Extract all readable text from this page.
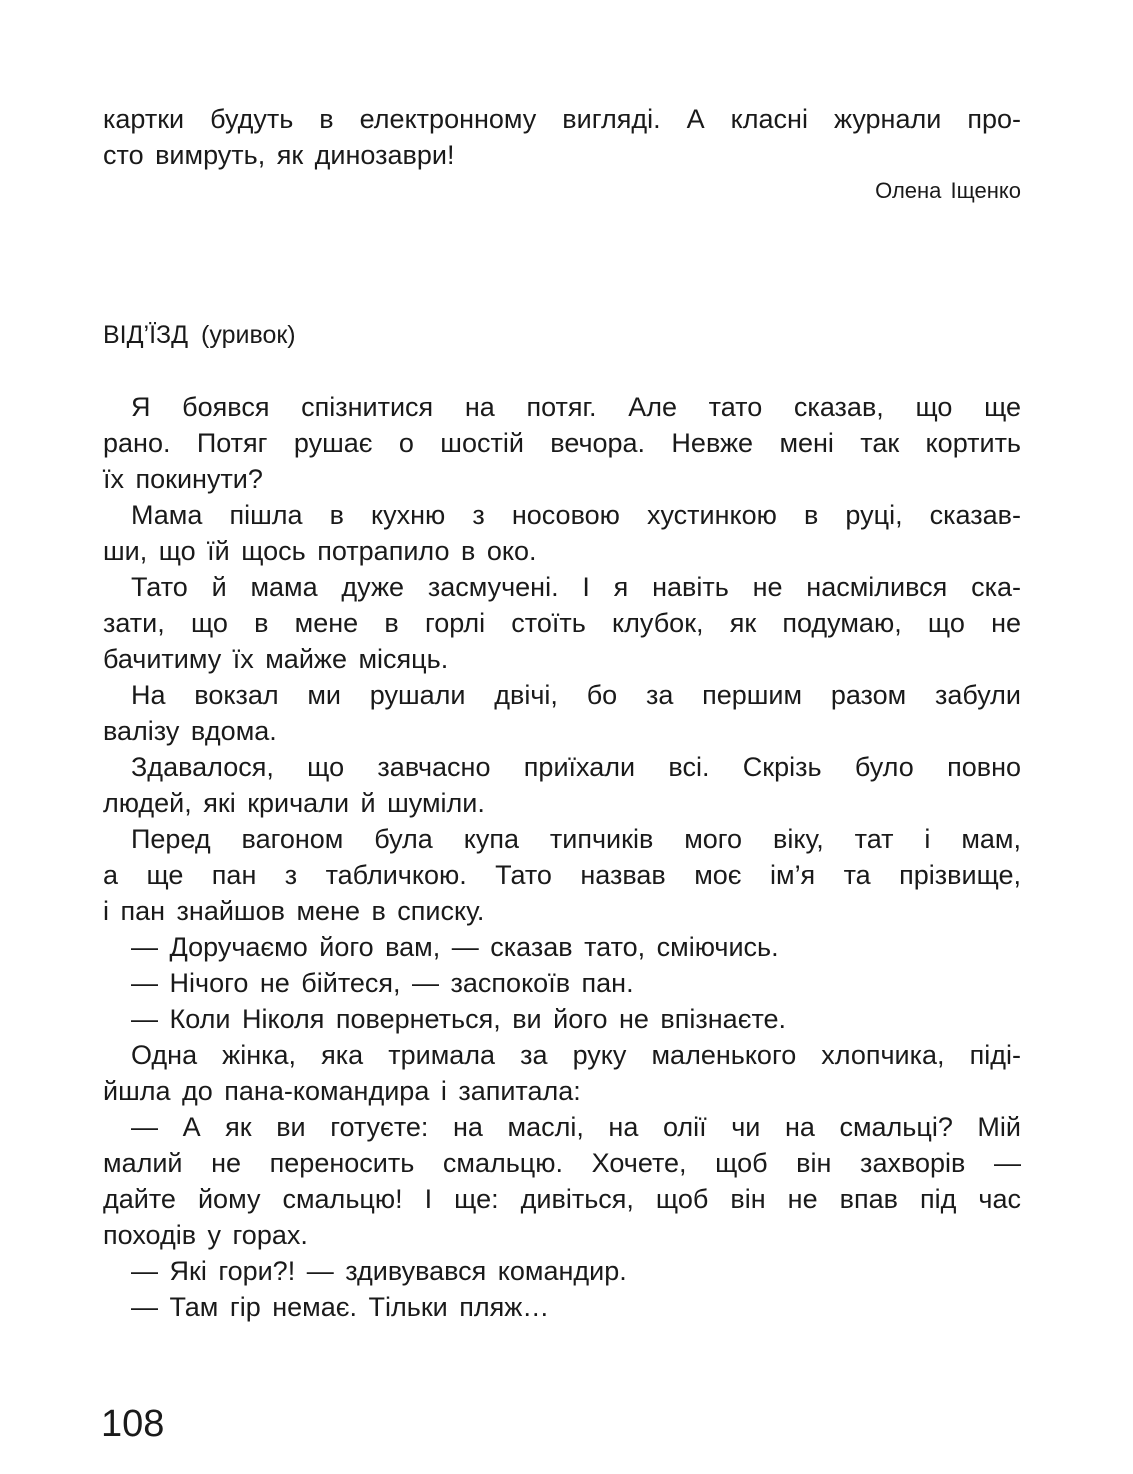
картки будуть в електронному вигляді. А класні журнали про-
сто вимруть, як динозаври!
Олена Іщенко
ВІД’ЇЗД (уривок)
Я боявся спізнитися на потяг. Але тато сказав, що ще
рано. Потяг рушає о шостій вечора. Невже мені так кортить
їх покинути?
Мама пішла в кухню з носовою хустинкою в руці, сказав-
ши, що їй щось потрапило в око.
Тато й мама дуже засмучені. І я навіть не насмілився ска-
зати, що в мене в горлі стоїть клубок, як подумаю, що не
бачитиму їх майже місяць.
На вокзал ми рушали двічі, бо за першим разом забули
валізу вдома.
Здавалося, що завчасно приїхали всі. Скрізь було повно
людей, які кричали й шуміли.
Перед вагоном була купа типчиків мого віку, тат і мам,
а ще пан з табличкою. Тато назвав моє ім’я та прізвище,
і пан знайшов мене в списку.
— Доручаємо його вам, — сказав тато, сміючись.
— Нічого не бійтеся, — заспокоїв пан.
— Коли Ніколя повернеться, ви його не впізнаєте.
Одна жінка, яка тримала за руку маленького хлопчика, піді-
йшла до пана-командира і запитала:
— А як ви готуєте: на маслі, на олії чи на смальці? Мій
малий не переносить смальцю. Хочете, щоб він захворів —
дайте йому смальцю! І ще: дивіться, щоб він не впав під час
походів у горах.
— Які гори?! — здивувався командир.
— Там гір немає. Тільки пляж…
108
